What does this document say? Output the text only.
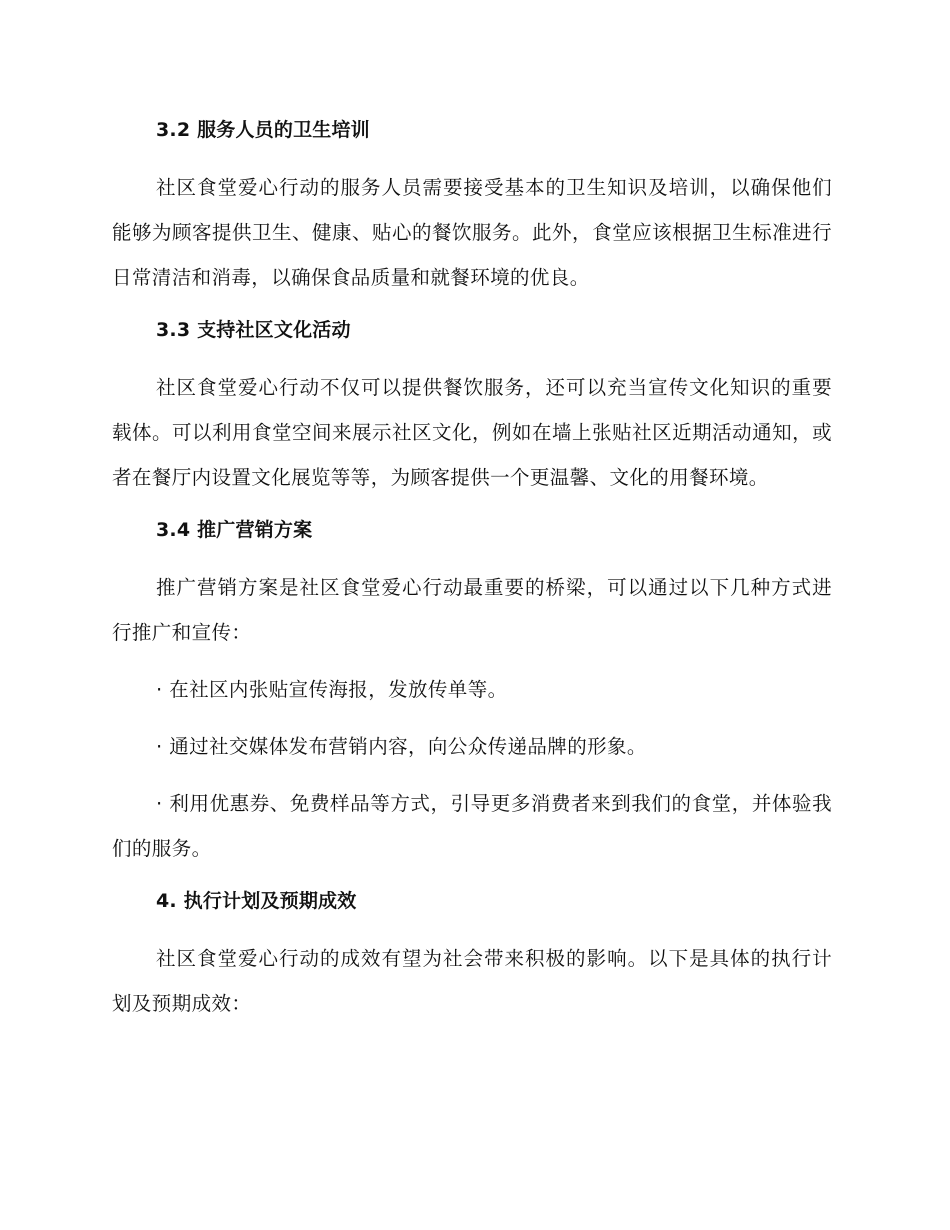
3.2 服务人员的卫生培训

社区食堂爱心行动的服务人员需要接受基本的卫生知识及培训，以确保他们能够为顾客提供卫生、健康、贴心的餐饮服务。此外，食堂应该根据卫生标准进行日常清洁和消毒，以确保食品质量和就餐环境的优良。

3.3 支持社区文化活动

社区食堂爱心行动不仅可以提供餐饮服务，还可以充当宣传文化知识的重要载体。可以利用食堂空间来展示社区文化，例如在墙上张贴社区近期活动通知，或者在餐厅内设置文化展览等等，为顾客提供一个更温馨、文化的用餐环境。

3.4 推广营销方案

推广营销方案是社区食堂爱心行动最重要的桥梁，可以通过以下几种方式进行推广和宣传：

· 在社区内张贴宣传海报，发放传单等。

· 通过社交媒体发布营销内容，向公众传递品牌的形象。

· 利用优惠券、免费样品等方式，引导更多消费者来到我们的食堂，并体验我们的服务。

4. 执行计划及预期成效

社区食堂爱心行动的成效有望为社会带来积极的影响。以下是具体的执行计划及预期成效：
